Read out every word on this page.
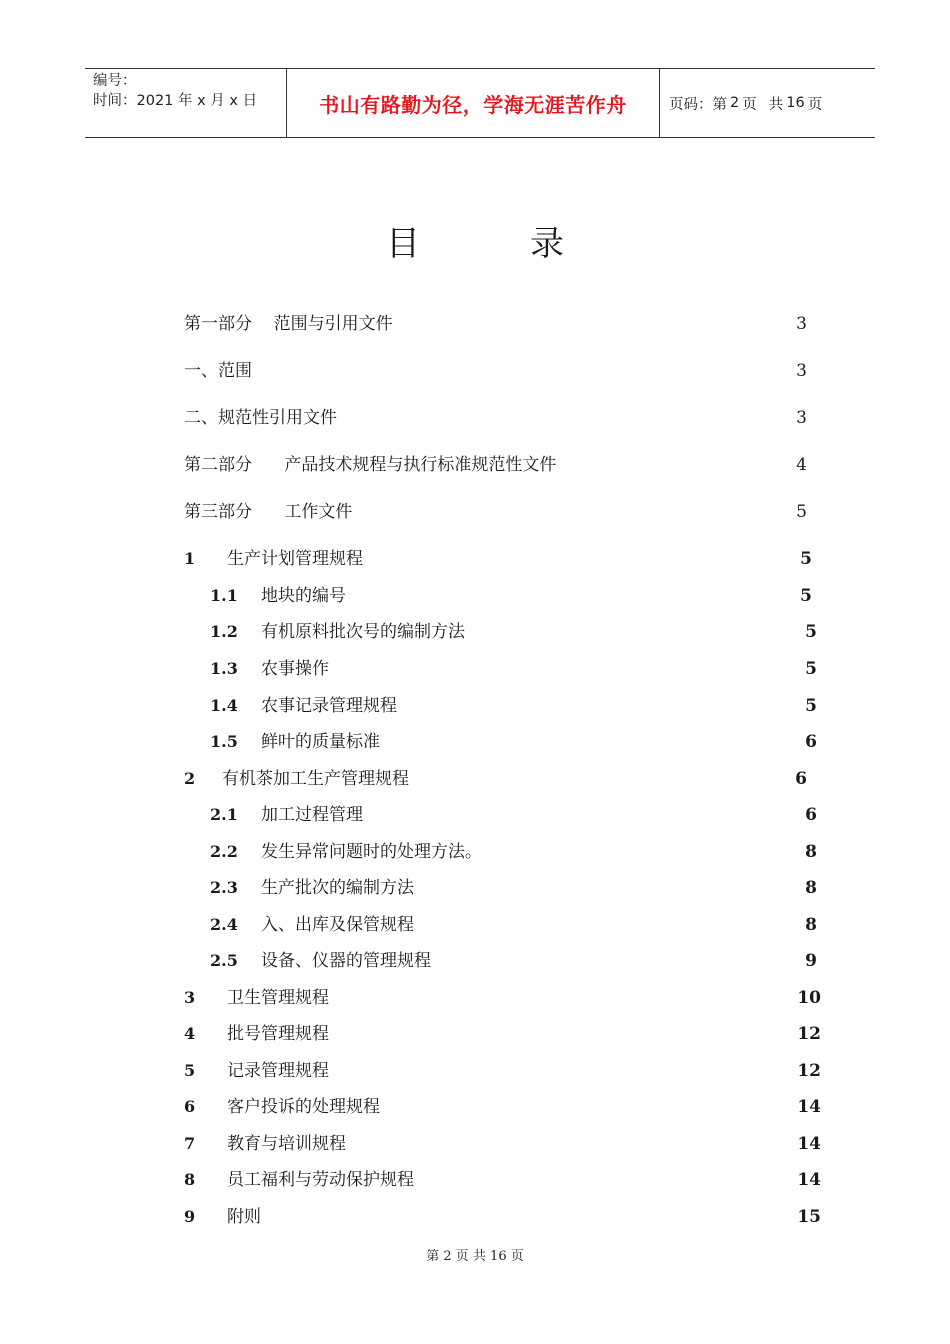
编号：
时间：2021 年 x 月 x 日	书山有路勤为径，学海无涯苦作舟	页码：第 2 页 共 16 页
目	录
第一部分    范围与引用文件	3
一、范围	3
二、规范性引用文件	3
第二部分      产品技术规程与执行标准规范性文件	4
第三部分      工作文件	5
1 生产计划管理规程	5
1.1 地块的编号	5
1.2 有机原料批次号的编制方法	5
1.3 农事操作	5
1.4 农事记录管理规程	5
1.5 鲜叶的质量标准	6
2 有机茶加工生产管理规程	6
2.1 加工过程管理	6
2.2 发生异常问题时的处理方法。	8
2.3 生产批次的编制方法	8
2.4 入、出库及保管规程	8
2.5 设备、仪器的管理规程	9
3 卫生管理规程	10
4 批号管理规程	12
5 记录管理规程	12
6 客户投诉的处理规程	14
7 教育与培训规程	14
8 员工福利与劳动保护规程	14
9 附则	15
第 2 页 共 16 页
